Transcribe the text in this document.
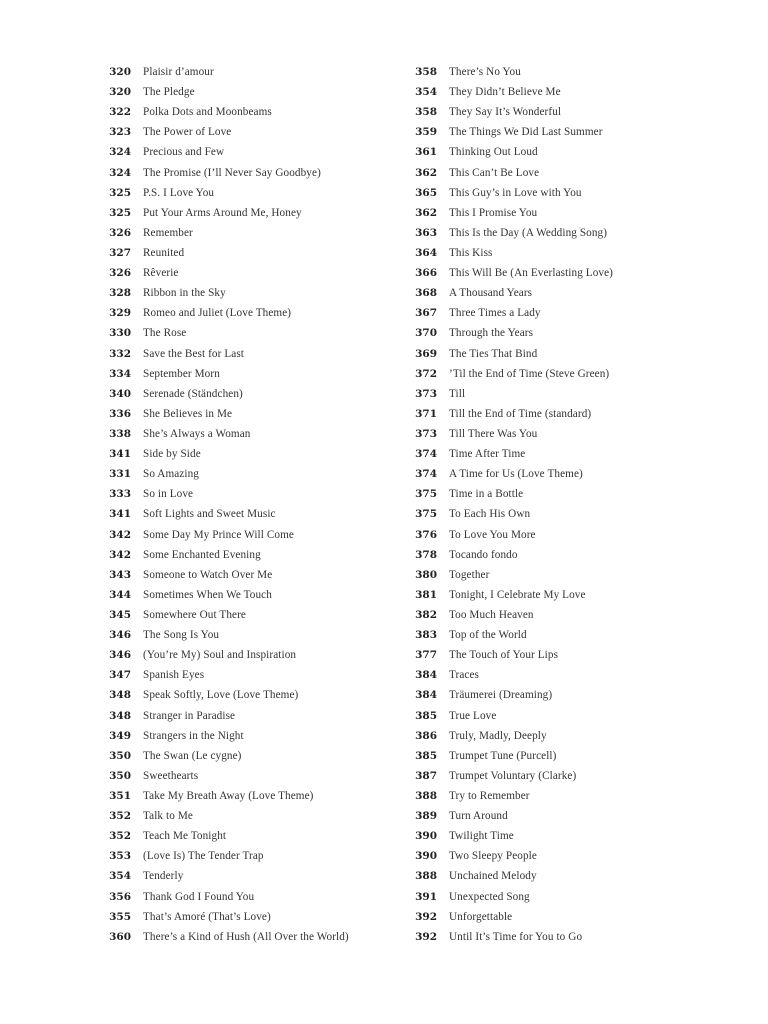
320 Plaisir d’amour
320 The Pledge
322 Polka Dots and Moonbeams
323 The Power of Love
324 Precious and Few
324 The Promise (I’ll Never Say Goodbye)
325 P.S. I Love You
325 Put Your Arms Around Me, Honey
326 Remember
327 Reunited
326 Rêverie
328 Ribbon in the Sky
329 Romeo and Juliet (Love Theme)
330 The Rose
332 Save the Best for Last
334 September Morn
340 Serenade (Ständchen)
336 She Believes in Me
338 She’s Always a Woman
341 Side by Side
331 So Amazing
333 So in Love
341 Soft Lights and Sweet Music
342 Some Day My Prince Will Come
342 Some Enchanted Evening
343 Someone to Watch Over Me
344 Sometimes When We Touch
345 Somewhere Out There
346 The Song Is You
346 (You’re My) Soul and Inspiration
347 Spanish Eyes
348 Speak Softly, Love (Love Theme)
348 Stranger in Paradise
349 Strangers in the Night
350 The Swan (Le cygne)
350 Sweethearts
351 Take My Breath Away (Love Theme)
352 Talk to Me
352 Teach Me Tonight
353 (Love Is) The Tender Trap
354 Tenderly
356 Thank God I Found You
355 That’s Amoré (That’s Love)
360 There’s a Kind of Hush (All Over the World)
358 There’s No You
354 They Didn’t Believe Me
358 They Say It’s Wonderful
359 The Things We Did Last Summer
361 Thinking Out Loud
362 This Can’t Be Love
365 This Guy’s in Love with You
362 This I Promise You
363 This Is the Day (A Wedding Song)
364 This Kiss
366 This Will Be (An Everlasting Love)
368 A Thousand Years
367 Three Times a Lady
370 Through the Years
369 The Ties That Bind
372 ’Til the End of Time (Steve Green)
373 Till
371 Till the End of Time (standard)
373 Till There Was You
374 Time After Time
374 A Time for Us (Love Theme)
375 Time in a Bottle
375 To Each His Own
376 To Love You More
378 Tocando fondo
380 Together
381 Tonight, I Celebrate My Love
382 Too Much Heaven
383 Top of the World
377 The Touch of Your Lips
384 Traces
384 Träumerei (Dreaming)
385 True Love
386 Truly, Madly, Deeply
385 Trumpet Tune (Purcell)
387 Trumpet Voluntary (Clarke)
388 Try to Remember
389 Turn Around
390 Twilight Time
390 Two Sleepy People
388 Unchained Melody
391 Unexpected Song
392 Unforgettable
392 Until It’s Time for You to Go
